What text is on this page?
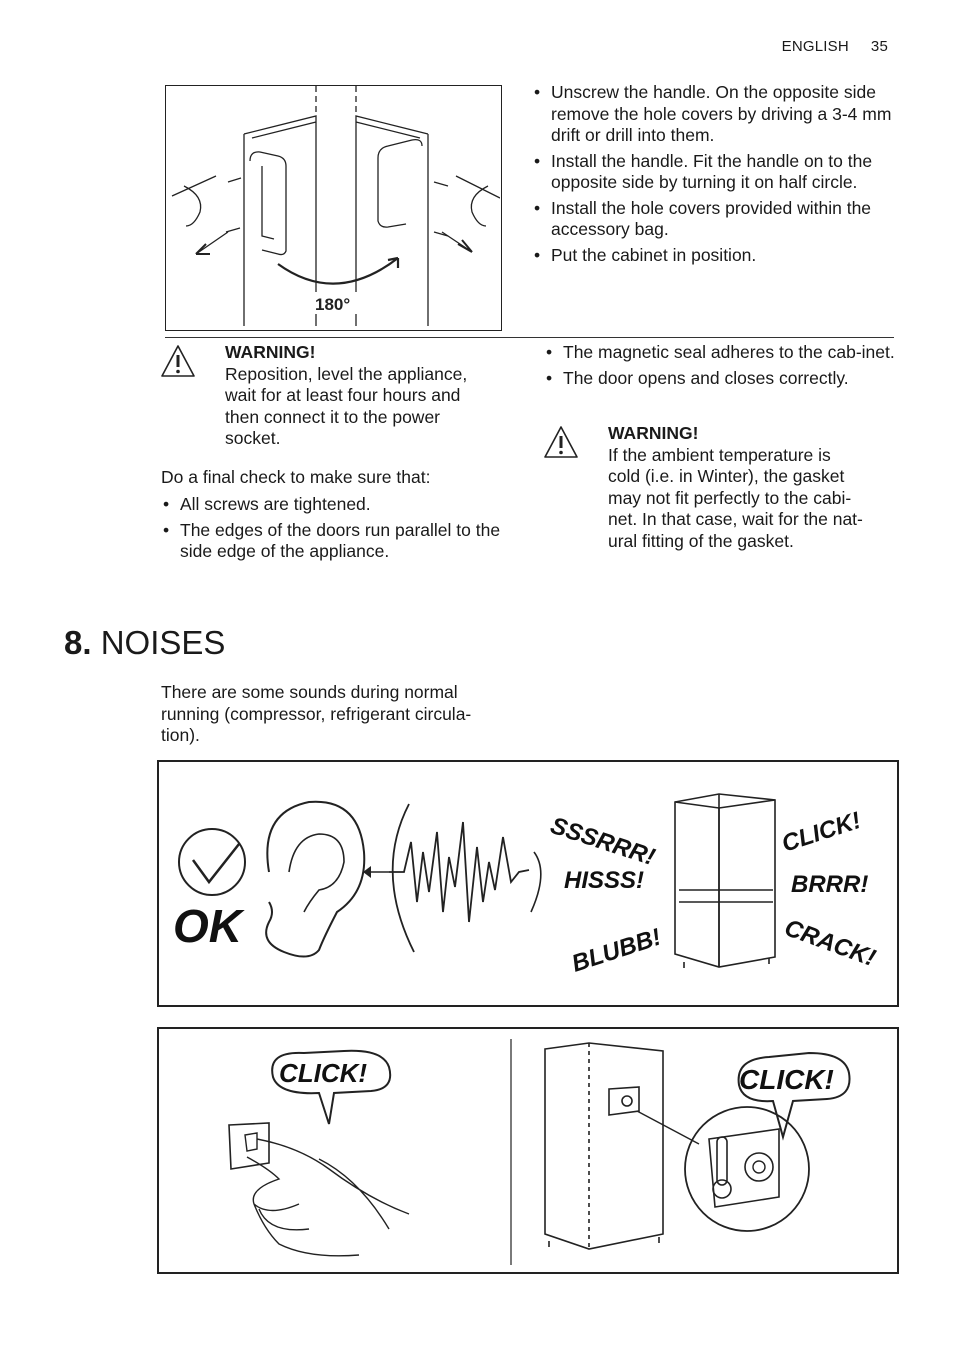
ENGLISH 35
180°
• Unscrew the handle. On the opposite side remove the hole covers by driving a 3-4 mm drift or drill into them.
• Install the handle. Fit the handle on to the opposite side by turning it on half circle.
• Install the hole covers provided within the accessory bag.
• Put the cabinet in position.
WARNING!
Reposition, level the appliance,
wait for at least four hours and
then connect it to the power
socket.
Do a final check to make sure that:
• All screws are tightened.
• The edges of the doors run parallel to the side edge of the appliance.
• The magnetic seal adheres to the cab-inet.
• The door opens and closes correctly.
WARNING!
If the ambient temperature is
cold (i.e. in Winter), the gasket
may not fit perfectly to the cabi-
net. In that case, wait for the nat-
ural fitting of the gasket.
8. NOISES
There are some sounds during normal
running (compressor, refrigerant circula-
tion).
OK
SSSRRR!
HISSS!
BLUBB!
CLICK!
BRRR!
CRACK!
CLICK!	CLICK!
